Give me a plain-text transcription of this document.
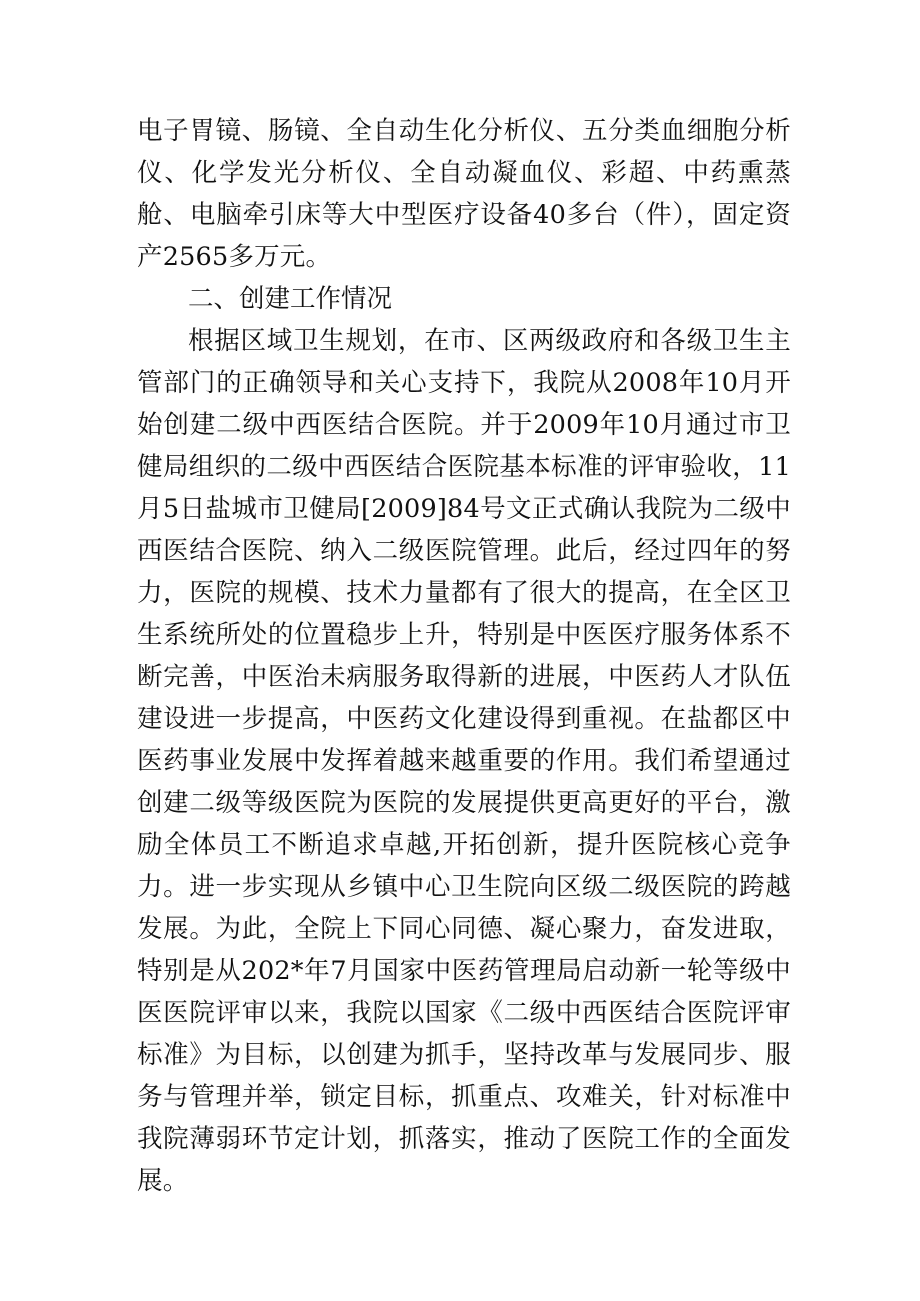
电子胃镜、肠镜、全自动生化分析仪、五分类血细胞分析仪、化学发光分析仪、全自动凝血仪、彩超、中药熏蒸舱、电脑牵引床等大中型医疗设备40多台（件），固定资产2565多万元。

二、创建工作情况

根据区域卫生规划，在市、区两级政府和各级卫生主管部门的正确领导和关心支持下，我院从2008年10月开始创建二级中西医结合医院。并于2009年10月通过市卫健局组织的二级中西医结合医院基本标准的评审验收，11月5日盐城市卫健局[2009]84号文正式确认我院为二级中西医结合医院、纳入二级医院管理。此后，经过四年的努力，医院的规模、技术力量都有了很大的提高，在全区卫生系统所处的位置稳步上升，特别是中医医疗服务体系不断完善，中医治未病服务取得新的进展，中医药人才队伍建设进一步提高，中医药文化建设得到重视。在盐都区中医药事业发展中发挥着越来越重要的作用。我们希望通过创建二级等级医院为医院的发展提供更高更好的平台，激励全体员工不断追求卓越,开拓创新，提升医院核心竞争力。进一步实现从乡镇中心卫生院向区级二级医院的跨越发展。为此，全院上下同心同德、凝心聚力，奋发进取，特别是从202*年7月国家中医药管理局启动新一轮等级中医医院评审以来，我院以国家《二级中西医结合医院评审标准》为目标，以创建为抓手，坚持改革与发展同步、服务与管理并举，锁定目标，抓重点、攻难关，针对标准中我院薄弱环节定计划，抓落实，推动了医院工作的全面发展。
